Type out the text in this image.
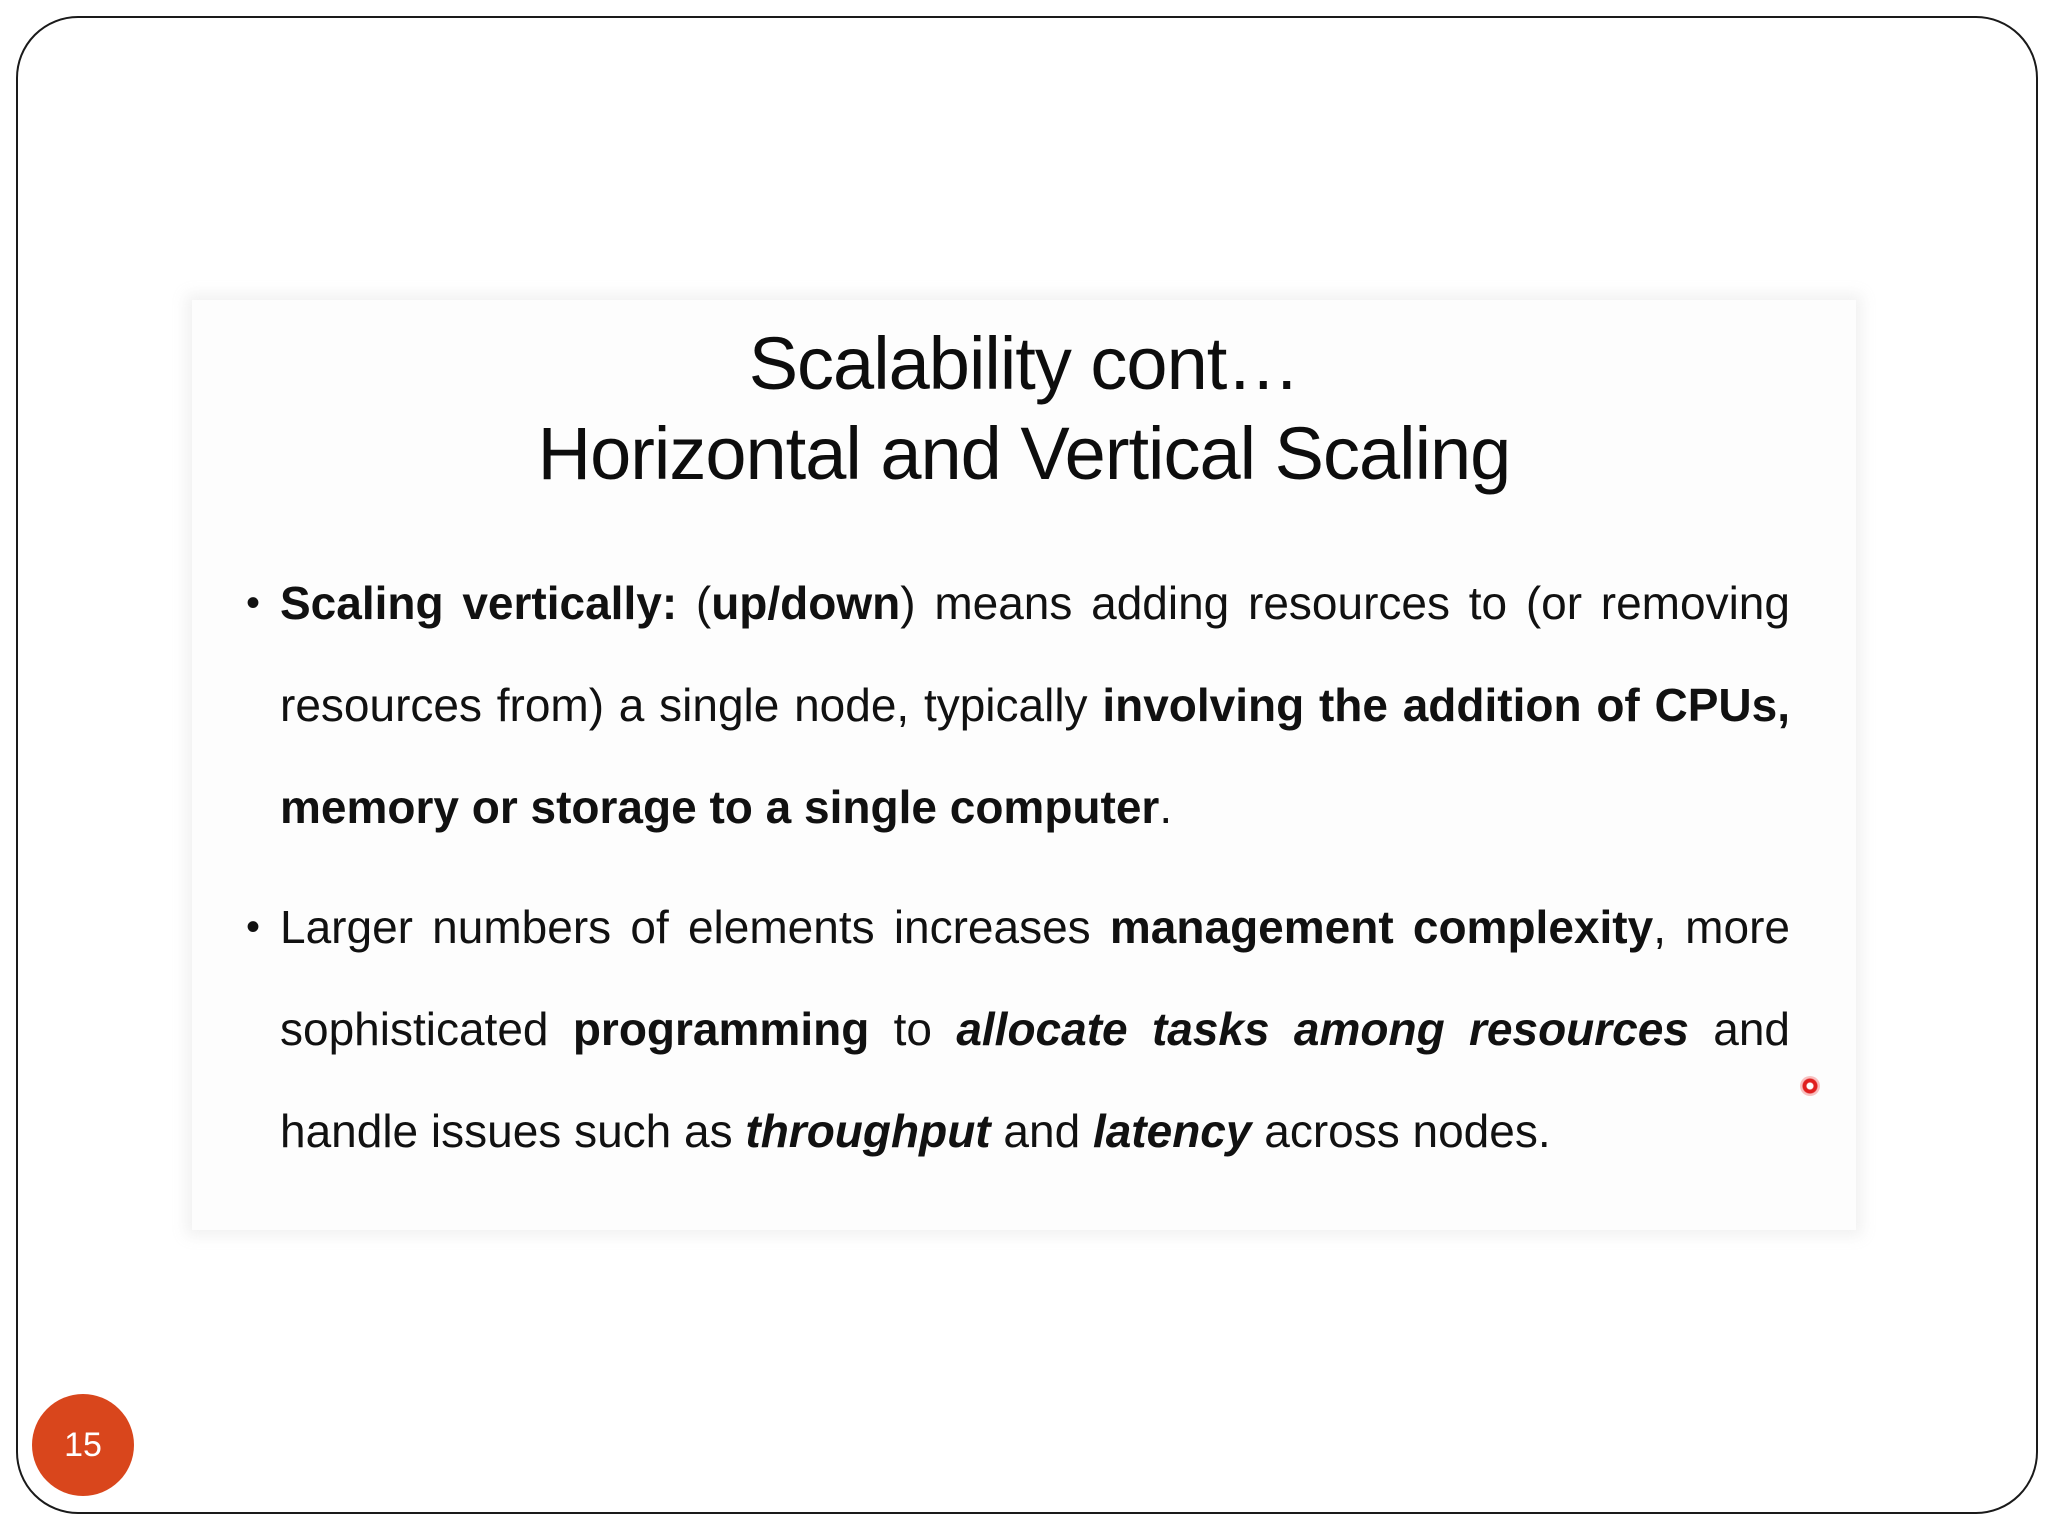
Scalability cont…
Horizontal and Vertical Scaling
• Scaling vertically: (up/down) means adding resources to (or removing resources from) a single node, typically involving the addition of CPUs, memory or storage to a single computer.
• Larger numbers of elements increases management complexity, more sophisticated programming to allocate tasks among resources and handle issues such as throughput and latency across nodes.
15
